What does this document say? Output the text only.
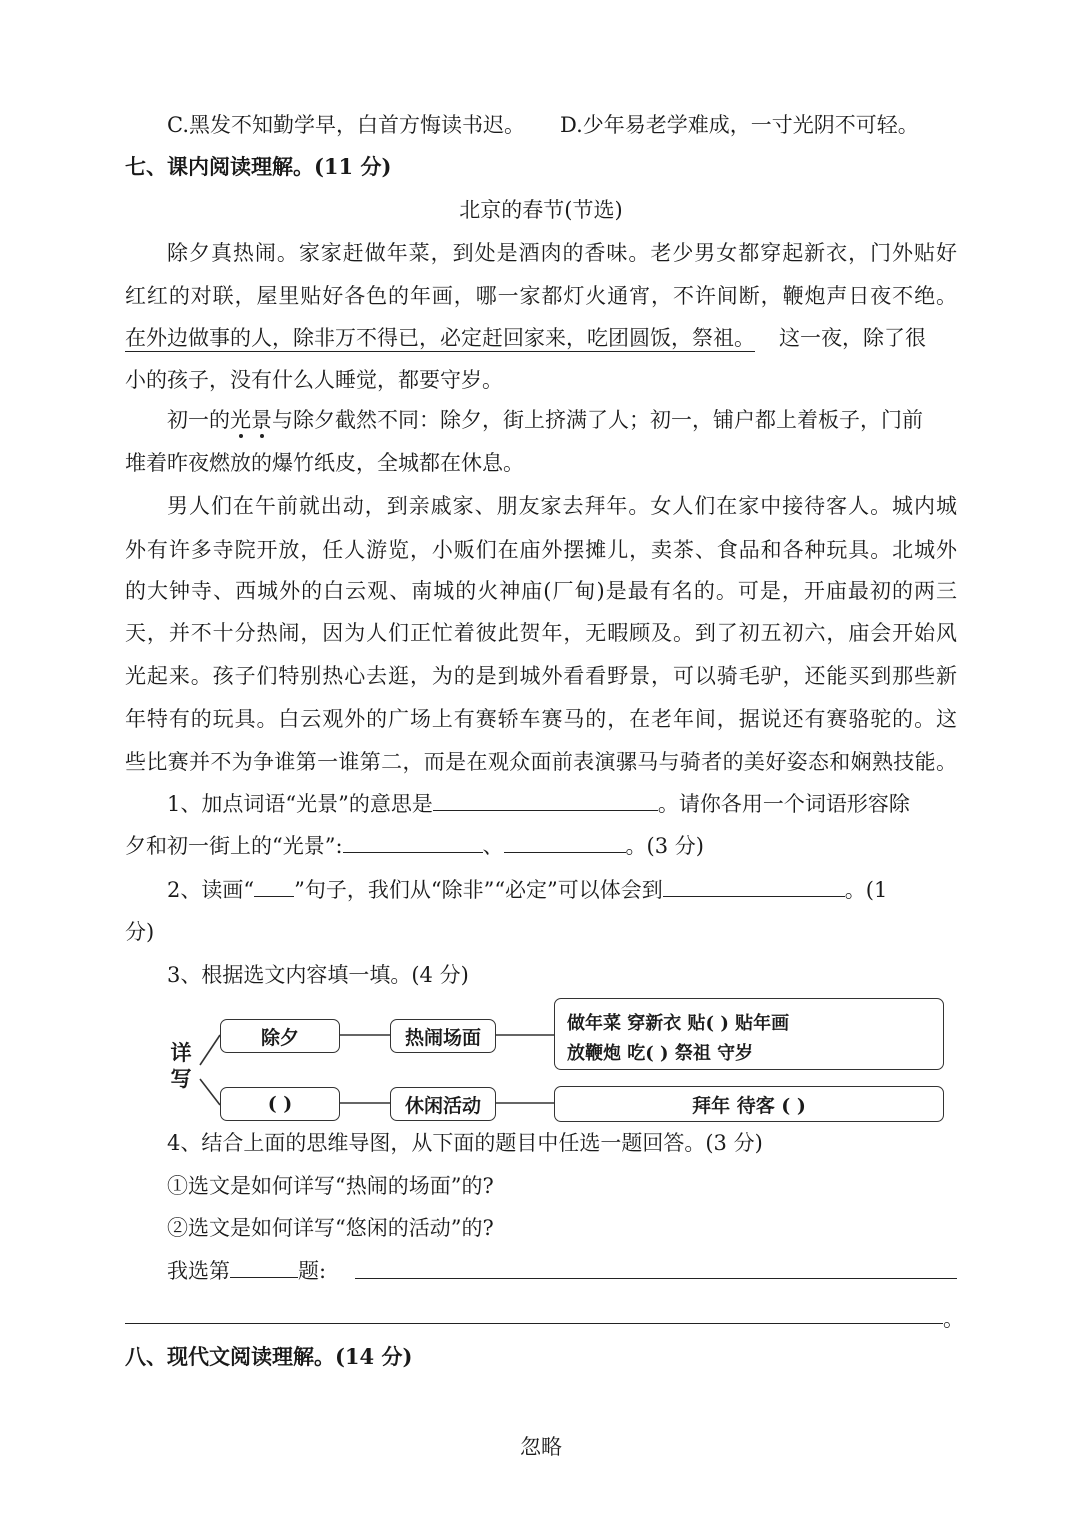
C.黑发不知勤学早，白首方悔读书迟。	D.少年易老学难成，一寸光阴不可轻。
七、课内阅读理解。(11 分)
北京的春节(节选)
除夕真热闹。家家赶做年菜，到处是酒肉的香味。老少男女都穿起新衣，门外贴好
红红的对联，屋里贴好各色的年画，哪一家都灯火通宵，不许间断，鞭炮声日夜不绝。
在外边做事的人，除非万不得已，必定赶回家来，吃团圆饭，祭祖。 这一夜，除了很
小的孩子，没有什么人睡觉，都要守岁。
初一的光景与除夕截然不同：除夕，街上挤满了人；初一，铺户都上着板子，门前
堆着昨夜燃放的爆竹纸皮，全城都在休息。
男人们在午前就出动，到亲戚家、朋友家去拜年。女人们在家中接待客人。城内城
外有许多寺院开放，任人游览，小贩们在庙外摆摊儿，卖茶、食品和各种玩具。北城外
的大钟寺、西城外的白云观、南城的火神庙(厂甸)是最有名的。可是，开庙最初的两三
天，并不十分热闹，因为人们正忙着彼此贺年，无暇顾及。到了初五初六，庙会开始风
光起来。孩子们特别热心去逛，为的是到城外看看野景，可以骑毛驴，还能买到那些新
年特有的玩具。白云观外的广场上有赛轿车赛马的，在老年间，据说还有赛骆驼的。这
些比赛并不为争谁第一谁第二，而是在观众面前表演骡马与骑者的美好姿态和娴熟技能。
1、加点词语“光景”的意思是	。请你各用一个词语形容除
夕和初一街上的“光景”:	、	。(3 分)
2、读画“ ”句子，我们从“除非”“必定”可以体会到	。(1
分)
3、根据选文内容填一填。(4 分)
详
写
除夕
( )
热闹场面
休闲活动
做年菜 穿新衣 贴( ) 贴年画
放鞭炮 吃( ) 祭祖 守岁
拜年 待客 ( )
4、结合上面的思维导图，从下面的题目中任选一题回答。(3 分)
①选文是如何详写“热闹的场面”的?
②选文是如何详写“悠闲的活动”的?
我选第	题:
。
八、现代文阅读理解。(14 分)
忽略
